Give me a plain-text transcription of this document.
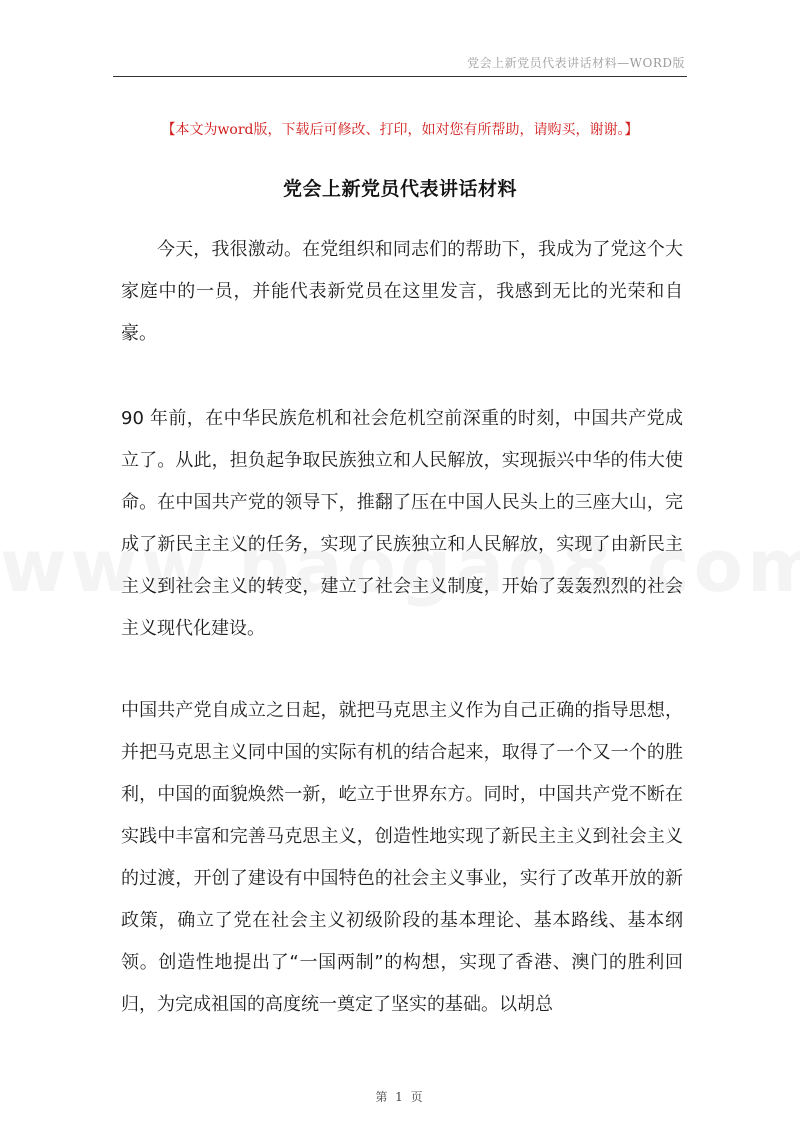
党会上新党员代表讲话材料—WORD版
【本文为word版，下载后可修改、打印，如对您有所帮助，请购买，谢谢。】
党会上新党员代表讲话材料
今天，我很激动。在党组织和同志们的帮助下，我成为了党这个大家庭中的一员，并能代表新党员在这里发言，我感到无比的光荣和自豪。
90 年前，在中华民族危机和社会危机空前深重的时刻，中国共产党成立了。从此，担负起争取民族独立和人民解放，实现振兴中华的伟大使命。在中国共产党的领导下，推翻了压在中国人民头上的三座大山，完成了新民主主义的任务，实现了民族独立和人民解放，实现了由新民主主义到社会主义的转变，建立了社会主义制度，开始了轰轰烈烈的社会主义现代化建设。
中国共产党自成立之日起，就把马克思主义作为自己正确的指导思想，并把马克思主义同中国的实际有机的结合起来，取得了一个又一个的胜利，中国的面貌焕然一新，屹立于世界东方。同时，中国共产党不断在实践中丰富和完善马克思主义，创造性地实现了新民主主义到社会主义的过渡，开创了建设有中国特色的社会主义事业，实行了改革开放的新政策，确立了党在社会主义初级阶段的基本理论、基本路线、基本纲领。创造性地提出了“一国两制”的构想，实现了香港、澳门的胜利回归，为完成祖国的高度统一奠定了坚实的基础。以胡总
第 1 页
